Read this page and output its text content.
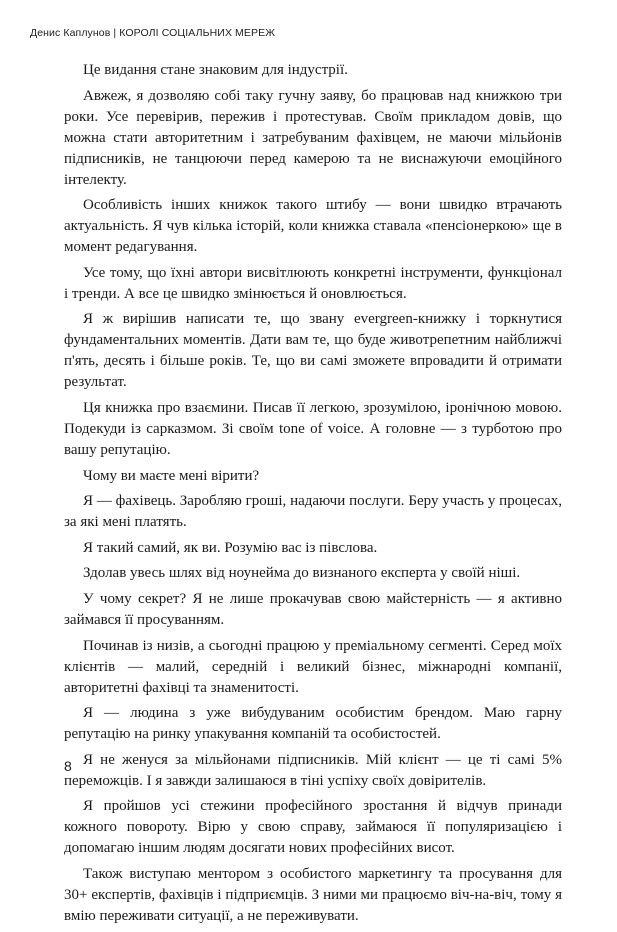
Денис Каплунов | КОРОЛІ СОЦІАЛЬНИХ МЕРЕЖ

Це видання стане знаковим для індустрії.

Авжеж, я дозволяю собі таку гучну заяву, бо працював над книжкою три роки. Усе перевірив, пережив і протестував. Своїм прикладом довів, що можна стати авторитетним і затребуваним фахівцем, не маючи мільйонів підписників, не танцюючи перед камерою та не виснажуючи емоційного інтелекту.

Особливість інших книжок такого штибу — вони швидко втрачають актуальність. Я чув кілька історій, коли книжка ставала «пенсіонеркою» ще в момент редагування.

Усе тому, що їхні автори висвітлюють конкретні інструменти, функціонал і тренди. А все це швидко змінюється й оновлюється.

Я ж вирішив написати те, що звану evergreen-книжку і торкнутися фундаментальних моментів. Дати вам те, що буде животрепетним найближчі п'ять, десять і більше років. Те, що ви самі зможете впровадити й отримати результат.

Ця книжка про взаємини. Писав її легкою, зрозумілою, іронічною мовою. Подекуди із сарказмом. Зі своїм tone of voice. А головне — з турботою про вашу репутацію.

Чому ви маєте мені вірити?

Я — фахівець. Заробляю гроші, надаючи послуги. Беру участь у процесах, за які мені платять.

Я такий самий, як ви. Розумію вас із півслова.

Здолав увесь шлях від ноунейма до визнаного експерта у своїй ніші.

У чому секрет? Я не лише прокачував свою майстерність — я активно займався її просуванням.

Починав із низів, а сьогодні працюю у преміальному сегменті. Серед моїх клієнтів — малий, середній і великий бізнес, міжнародні компанії, авторитетні фахівці та знаменитості.

Я — людина з уже вибудуваним особистим брендом. Маю гарну репутацію на ринку упакування компаній та особистостей.

Я не женуся за мільйонами підписників. Мій клієнт — це ті самі 5% переможців. І я завжди залишаюся в тіні успіху своїх довірителів.

Я пройшов усі стежини професійного зростання й відчув принади кожного повороту. Вірю у свою справу, займаюся її популяризацією і допомагаю іншим людям досягати нових професійних висот.

Також виступаю ментором з особистого маркетингу та просування для 30+ експертів, фахівців і підприємців. З ними ми працюємо віч-на-віч, тому я вмію переживати ситуації, а не переживувати.

8
